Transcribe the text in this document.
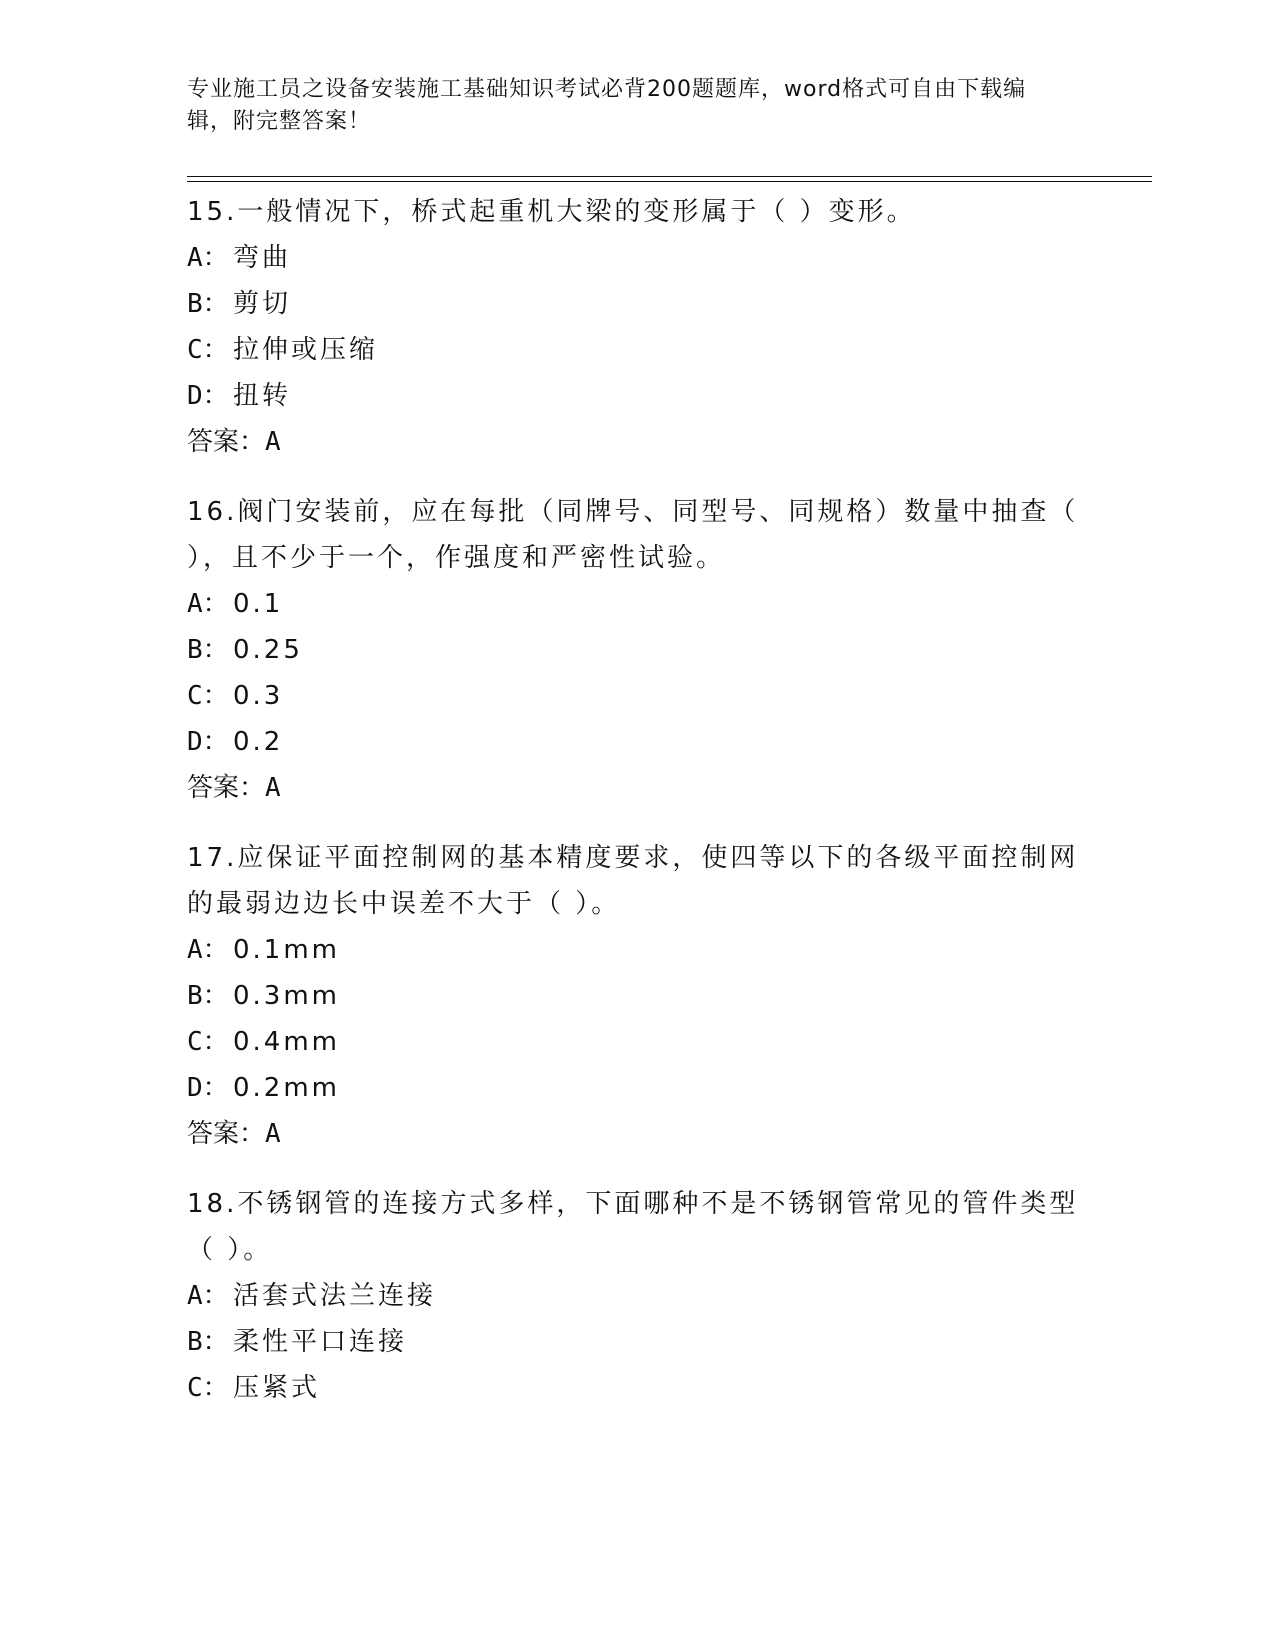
专业施工员之设备安装施工基础知识考试必背200题题库，word格式可自由下载编辑，附完整答案！

15.一般情况下，桥式起重机大梁的变形属于（ ）变形。

A： 弯曲

B： 剪切

C： 拉伸或压缩

D： 扭转

答案：A

16.阀门安装前，应在每批（同牌号、同型号、同规格）数量中抽查（ ），且不少于一个，作强度和严密性试验。

A： 0.1

B： 0.25

C： 0.3

D： 0.2

答案：A

17.应保证平面控制网的基本精度要求，使四等以下的各级平面控制网的最弱边边长中误差不大于（ ）。

A： 0.1mm

B： 0.3mm

C： 0.4mm

D： 0.2mm

答案：A

18.不锈钢管的连接方式多样，下面哪种不是不锈钢管常见的管件类型（ ）。

A： 活套式法兰连接

B： 柔性平口连接

C： 压紧式
